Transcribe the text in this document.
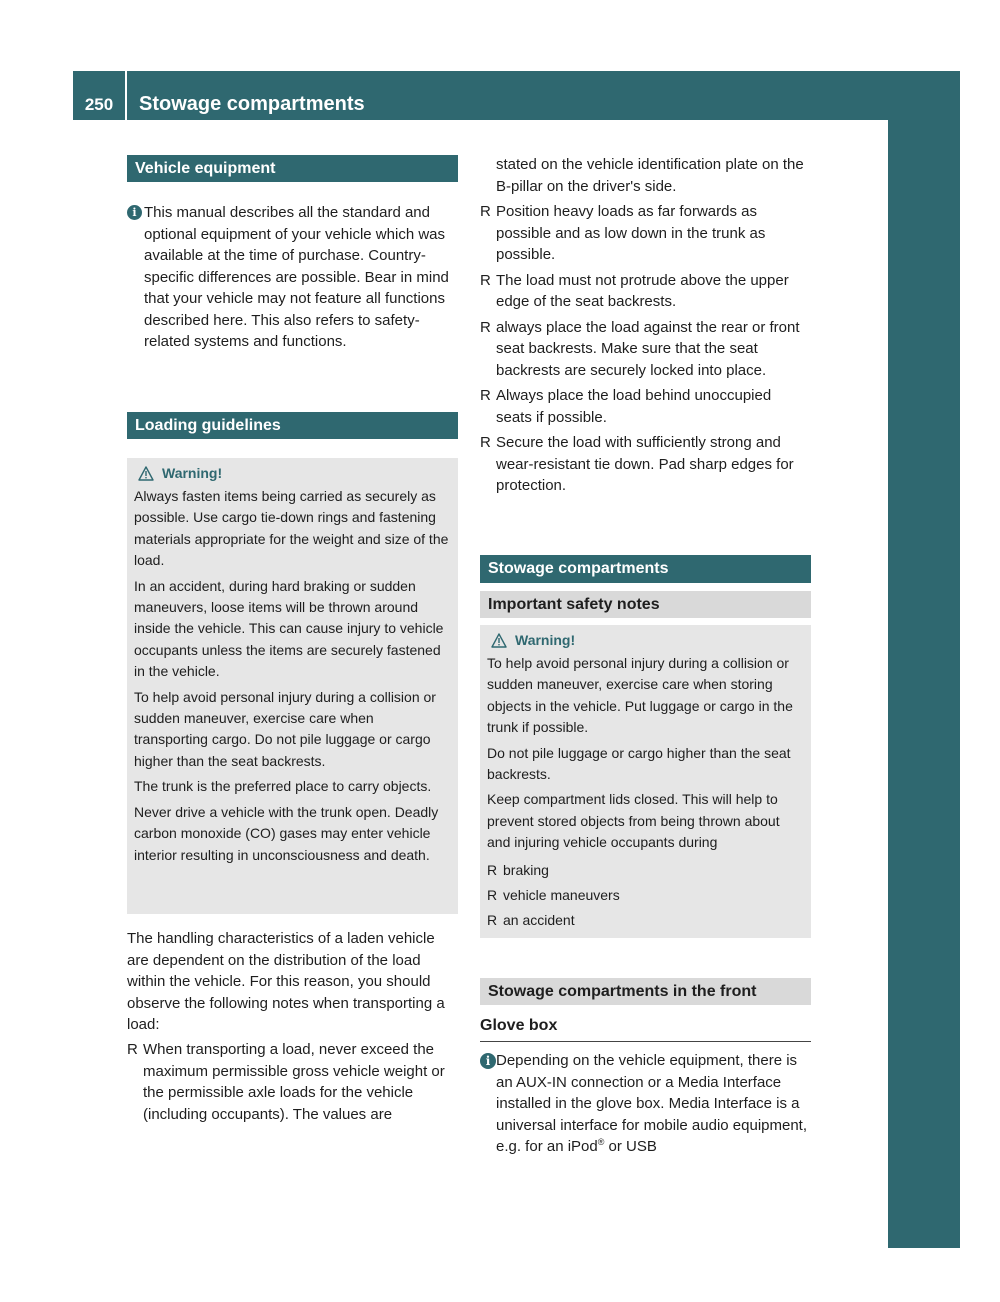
250	Stowage compartments
Loading, stowing and features
Vehicle equipment
i This manual describes all the standard and optional equipment of your vehicle which was available at the time of purchase. Country-specific differences are possible. Bear in mind that your vehicle may not feature all functions described here. This also refers to safety-related systems and functions.

Loading guidelines
Warning!

Always fasten items being carried as securely as possible. Use cargo tie-down rings and fastening materials appropriate for the weight and size of the load.

In an accident, during hard braking or sudden maneuvers, loose items will be thrown around inside the vehicle. This can cause injury to vehicle occupants unless the items are securely fastened in the vehicle.

To help avoid personal injury during a collision or sudden maneuver, exercise care when transporting cargo. Do not pile luggage or cargo higher than the seat backrests.

The trunk is the preferred place to carry objects.

Never drive a vehicle with the trunk open. Deadly carbon monoxide (CO) gases may enter vehicle interior resulting in unconsciousness and death.

The handling characteristics of a laden vehicle are dependent on the distribution of the load within the vehicle. For this reason, you should observe the following notes when transporting a load:

R When transporting a load, never exceed the maximum permissible gross vehicle weight or the permissible axle loads for the vehicle (including occupants). The values are

stated on the vehicle identification plate on the B-pillar on the driver's side.

R Position heavy loads as far forwards as possible and as low down in the trunk as possible.
R The load must not protrude above the upper edge of the seat backrests.
R always place the load against the rear or front seat backrests. Make sure that the seat backrests are securely locked into place.
R Always place the load behind unoccupied seats if possible.
R Secure the load with sufficiently strong and wear-resistant tie down. Pad sharp edges for protection.
Stowage compartments
Important safety notes
Warning!

To help avoid personal injury during a collision or sudden maneuver, exercise care when storing objects in the vehicle. Put luggage or cargo in the trunk if possible.

Do not pile luggage or cargo higher than the seat backrests.

Keep compartment lids closed. This will help to prevent stored objects from being thrown about and injuring vehicle occupants during

R braking
R vehicle maneuvers
R an accident
Stowage compartments in the front
Glove box
i Depending on the vehicle equipment, there is an AUX-IN connection or a Media Interface installed in the glove box. Media Interface is a universal interface for mobile audio equipment, e.g. for an iPod® or USB
